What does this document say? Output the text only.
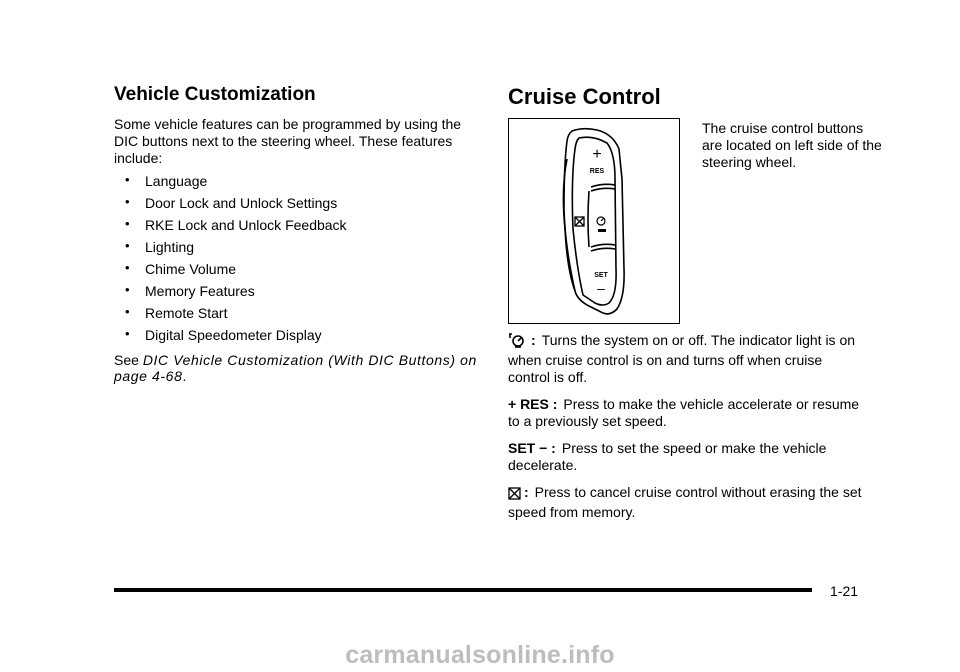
Vehicle Customization

Some vehicle features can be programmed by using the DIC buttons next to the steering wheel. These features include:

• Language
• Door Lock and Unlock Settings
• RKE Lock and Unlock Feedback
• Lighting
• Chime Volume
• Memory Features
• Remote Start
• Digital Speedometer Display

See DIC Vehicle Customization (With DIC Buttons) on page 4-68.

Cruise Control
+
RES
SET
–
The cruise control buttons are located on left side of the steering wheel.

: Turns the system on or off. The indicator light is on when cruise control is on and turns off when cruise control is off.

+ RES : Press to make the vehicle accelerate or resume to a previously set speed.

SET − : Press to set the speed or make the vehicle decelerate.

: Press to cancel cruise control without erasing the set speed from memory.

1-21
carmanualsonline.info
